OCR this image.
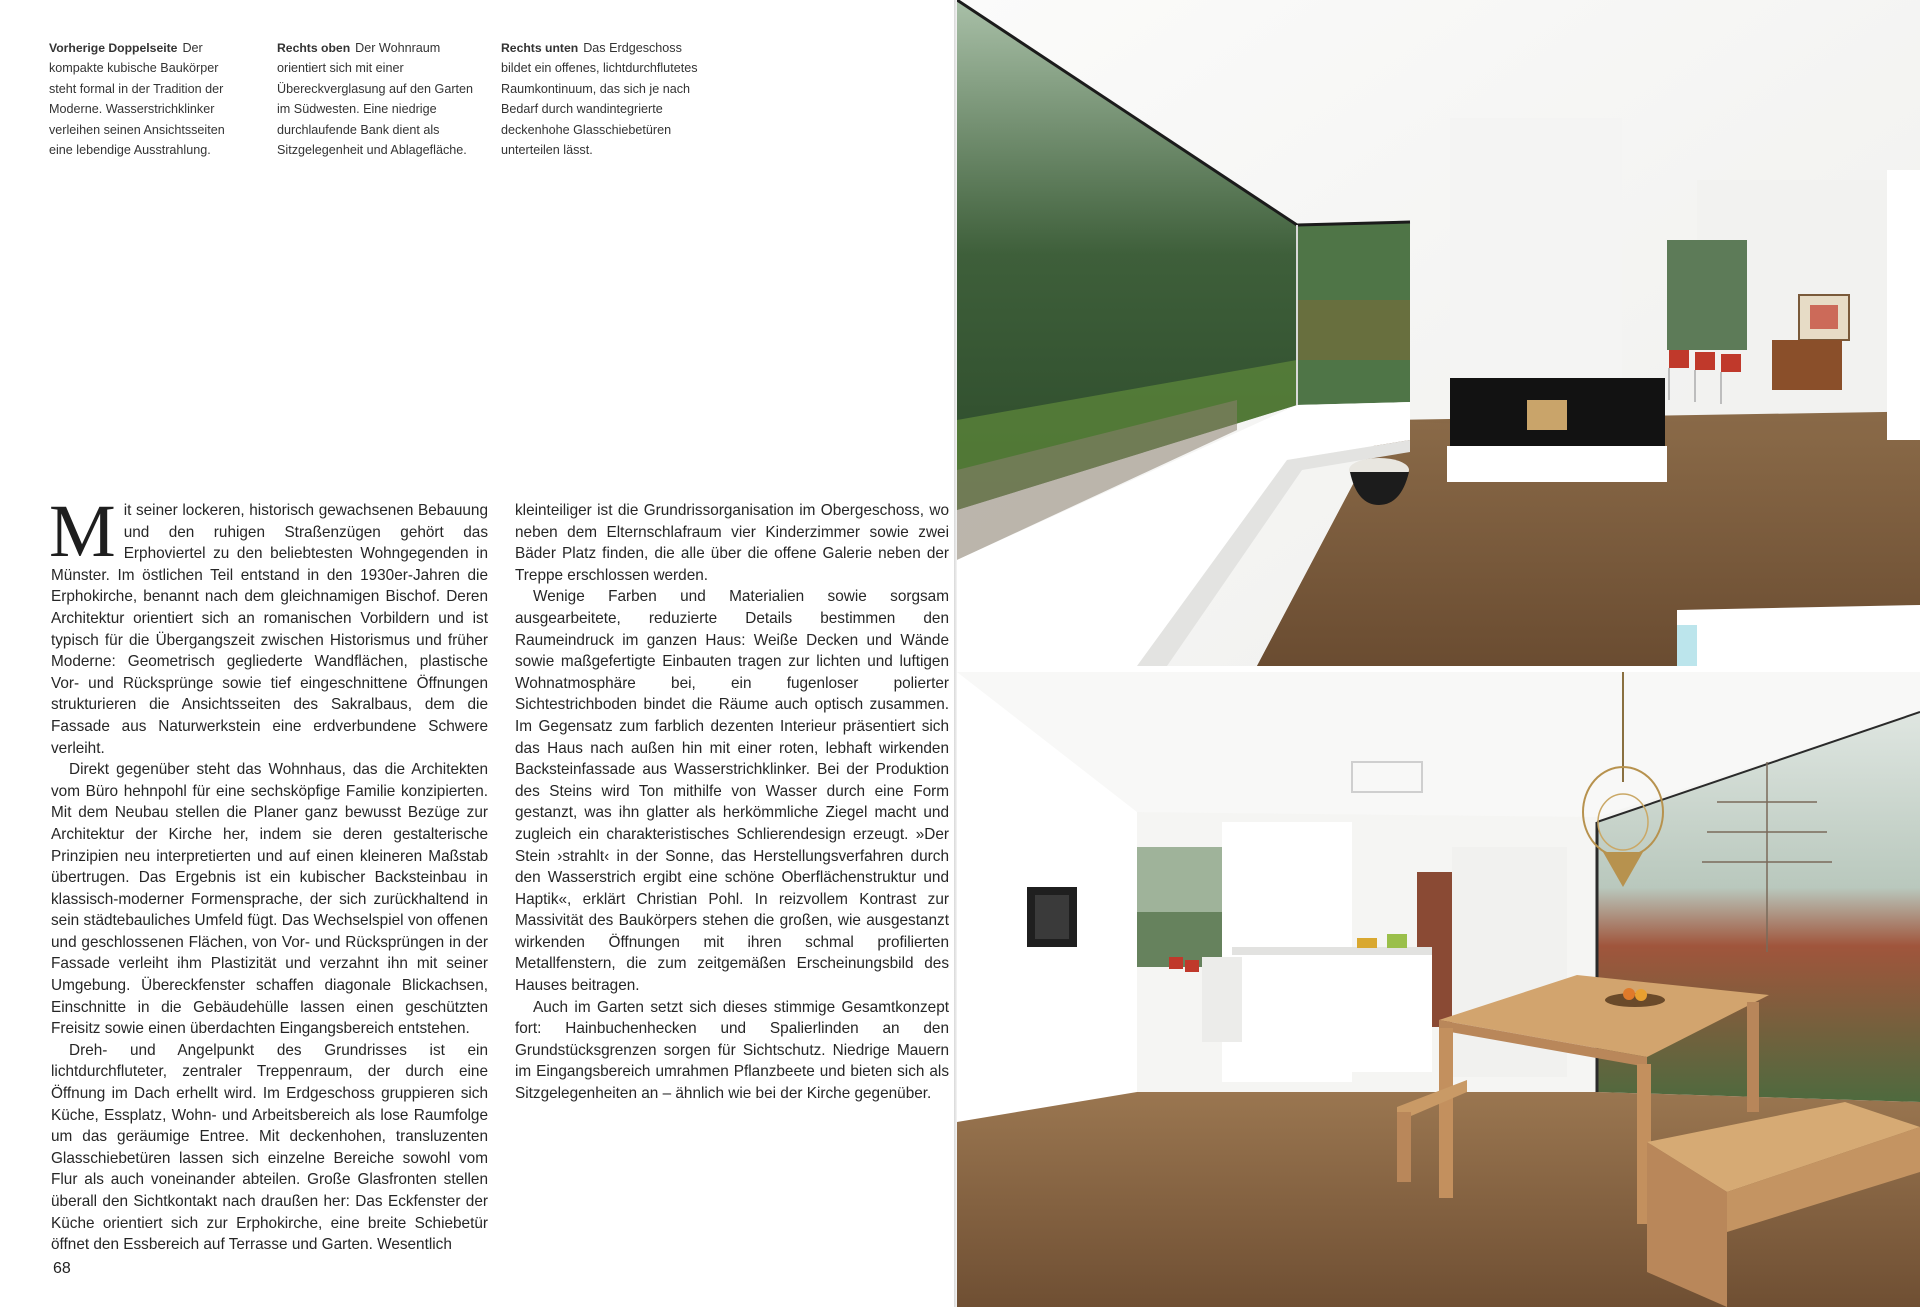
Vorherige Doppelseite Der kompakte kubische Baukörper steht formal in der Tradition der Moderne. Wasserstrichklinker verleihen seinen Ansichtsseiten eine lebendige Ausstrahlung.
Rechts oben Der Wohnraum orientiert sich mit einer Übereckverglasung auf den Garten im Südwesten. Eine niedrige durchlaufende Bank dient als Sitzgelegenheit und Ablagefläche.
Rechts unten Das Erdgeschoss bildet ein offenes, lichtdurchflutetes Raumkontinuum, das sich je nach Bedarf durch wandintegrierte deckenhohe Glasschiebetüren unterteilen lässt.

Mit seiner lockeren, historisch gewachsenen Bebauung und den ruhigen Straßenzügen gehört das Erphoviertel zu den beliebtesten Wohngegenden in Münster. Im östlichen Teil entstand in den 1930er-Jahren die Erphokirche, benannt nach dem gleichnamigen Bischof. Deren Architektur orientiert sich an romanischen Vorbildern und ist typisch für die Übergangszeit zwischen Historismus und früher Moderne: Geometrisch gegliederte Wandflächen, plastische Vor- und Rücksprünge sowie tief eingeschnittene Öffnungen strukturieren die Ansichtsseiten des Sakralbaus, dem die Fassade aus Naturwerkstein eine erdverbundene Schwere verleiht.

Direkt gegenüber steht das Wohnhaus, das die Architekten vom Büro hehnpohl für eine sechsköpfige Familie konzipierten. Mit dem Neubau stellen die Planer ganz bewusst Bezüge zur Architektur der Kirche her, indem sie deren gestalterische Prinzipien neu interpretierten und auf einen kleineren Maßstab übertrugen. Das Ergebnis ist ein kubischer Backsteinbau in klassisch-moderner Formensprache, der sich zurückhaltend in sein städtebauliches Umfeld fügt. Das Wechselspiel von offenen und geschlossenen Flächen, von Vor- und Rücksprüngen in der Fassade verleiht ihm Plastizität und verzahnt ihn mit seiner Umgebung. Übereckfenster schaffen diagonale Blickachsen, Einschnitte in die Gebäudehülle lassen einen geschützten Freisitz sowie einen überdachten Eingangsbereich entstehen.

Dreh- und Angelpunkt des Grundrisses ist ein lichtdurchfluteter, zentraler Treppenraum, der durch eine Öffnung im Dach erhellt wird. Im Erdgeschoss gruppieren sich Küche, Essplatz, Wohn- und Arbeitsbereich als lose Raumfolge um das geräumige Entree. Mit deckenhohen, transluzenten Glasschiebetüren lassen sich einzelne Bereiche sowohl vom Flur als auch voneinander abteilen. Große Glasfronten stellen überall den Sichtkontakt nach draußen her: Das Eckfenster der Küche orientiert sich zur Erphokirche, eine breite Schiebetür öffnet den Essbereich auf Terrasse und Garten. Wesentlich

kleinteiliger ist die Grundrissorganisation im Obergeschoss, wo neben dem Elternschlafraum vier Kinderzimmer sowie zwei Bäder Platz finden, die alle über die offene Galerie neben der Treppe erschlossen werden.

Wenige Farben und Materialien sowie sorgsam ausgearbeitete, reduzierte Details bestimmen den Raumeindruck im ganzen Haus: Weiße Decken und Wände sowie maßgefertigte Einbauten tragen zur lichten und luftigen Wohnatmosphäre bei, ein fugenloser polierter Sichtestrichboden bindet die Räume auch optisch zusammen. Im Gegensatz zum farblich dezenten Interieur präsentiert sich das Haus nach außen hin mit einer roten, lebhaft wirkenden Backsteinfassade aus Wasserstrichklinker. Bei der Produktion des Steins wird Ton mithilfe von Wasser durch eine Form gestanzt, was ihn glatter als herkömmliche Ziegel macht und zugleich ein charakteristisches Schlierendesign erzeugt. »Der Stein ›strahlt‹ in der Sonne, das Herstellungsverfahren durch den Wasserstrich ergibt eine schöne Oberflächenstruktur und Haptik«, erklärt Christian Pohl. In reizvollem Kontrast zur Massivität des Baukörpers stehen die großen, wie ausgestanzt wirkenden Öffnungen mit ihren schmal profilierten Metallfenstern, die zum zeitgemäßen Erscheinungsbild des Hauses beitragen.

Auch im Garten setzt sich dieses stimmige Gesamtkonzept fort: Hainbuchenhecken und Spalierlinden an den Grundstücksgrenzen sorgen für Sichtschutz. Niedrige Mauern im Eingangsbereich umrahmen Pflanzbeete und bieten sich als Sitzgelegenheiten an – ähnlich wie bei der Kirche gegenüber.

68
